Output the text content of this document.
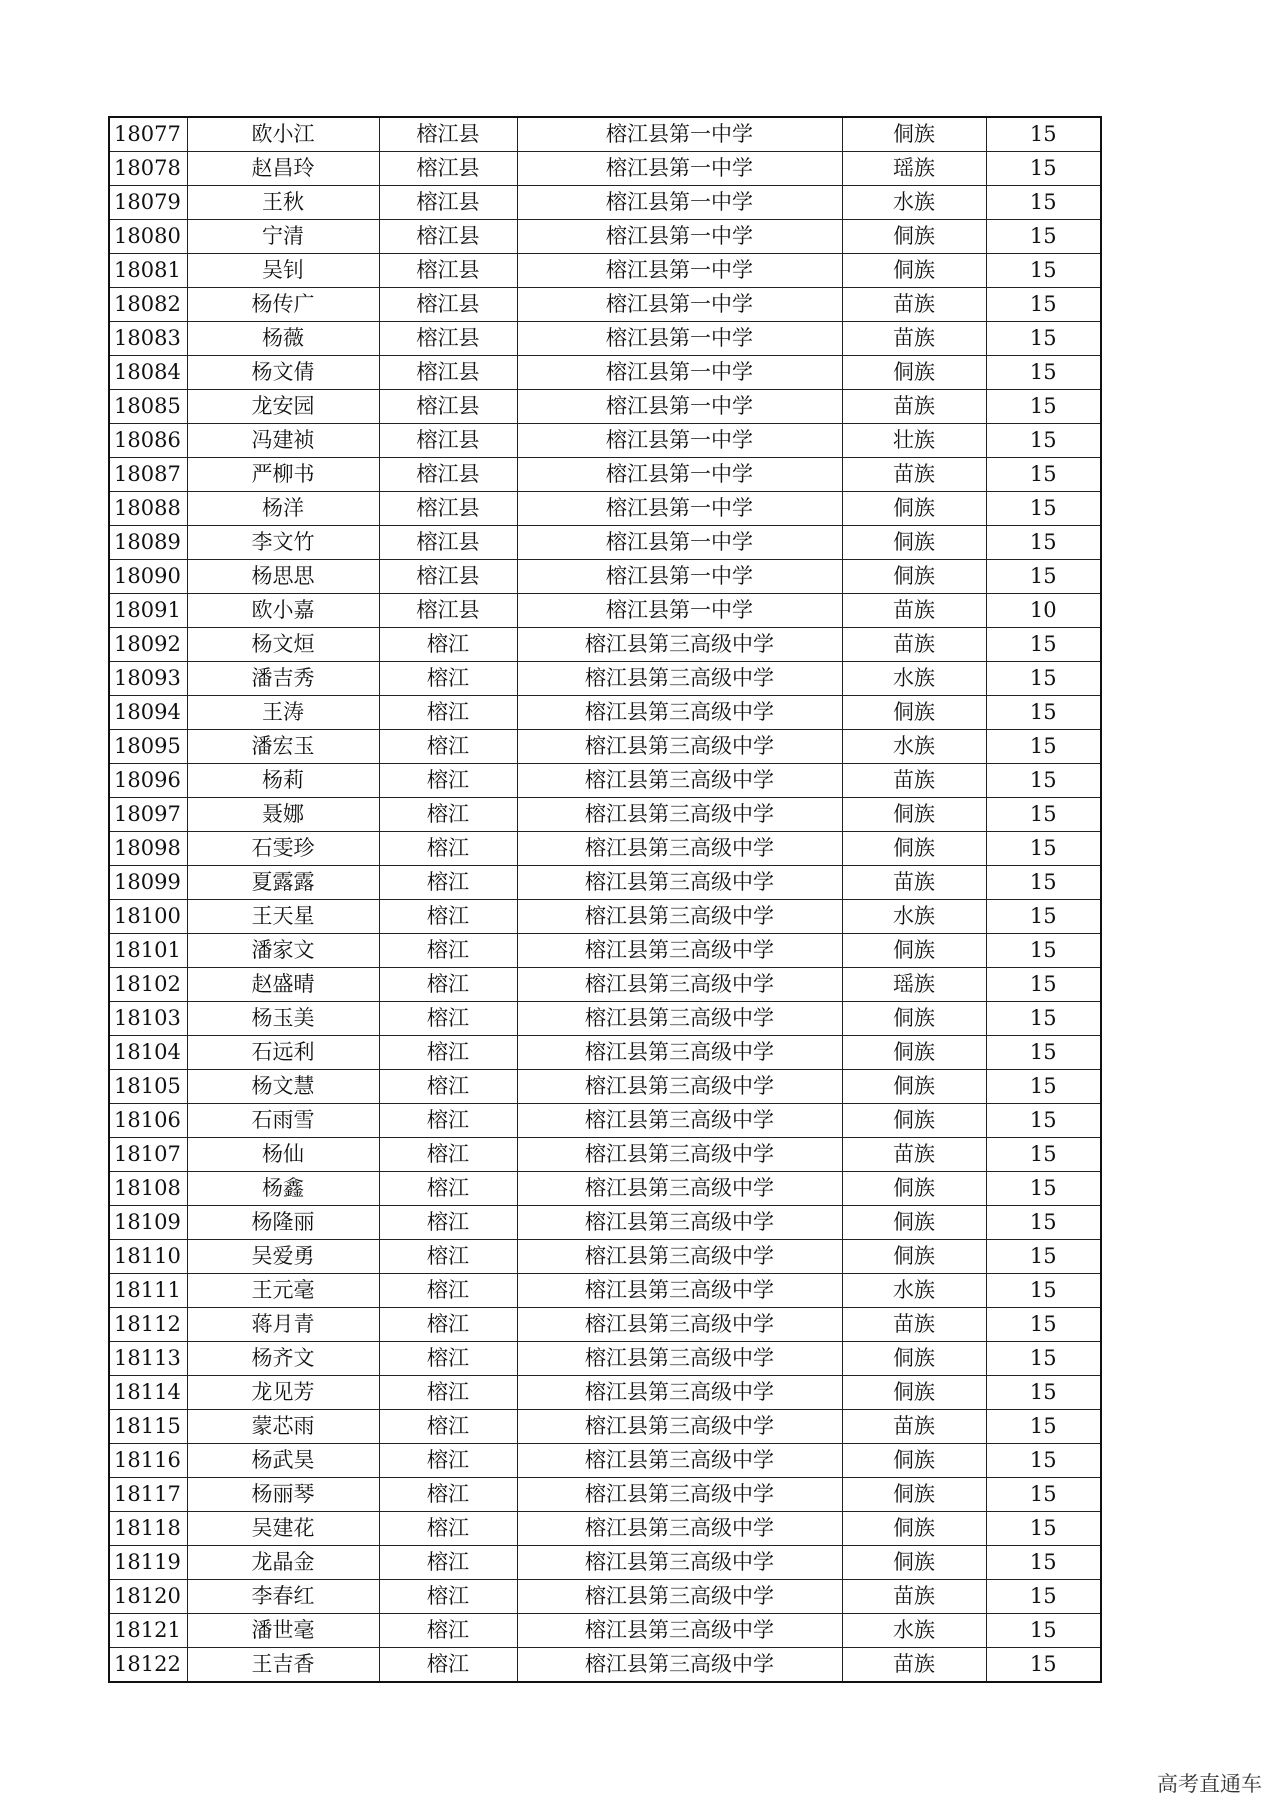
18077	欧小江	榕江县	榕江县第一中学	侗族	15
18078	赵昌玲	榕江县	榕江县第一中学	瑶族	15
18079	王秋	榕江县	榕江县第一中学	水族	15
18080	宁清	榕江县	榕江县第一中学	侗族	15
18081	吴钊	榕江县	榕江县第一中学	侗族	15
18082	杨传广	榕江县	榕江县第一中学	苗族	15
18083	杨薇	榕江县	榕江县第一中学	苗族	15
18084	杨文倩	榕江县	榕江县第一中学	侗族	15
18085	龙安园	榕江县	榕江县第一中学	苗族	15
18086	冯建祯	榕江县	榕江县第一中学	壮族	15
18087	严柳书	榕江县	榕江县第一中学	苗族	15
18088	杨洋	榕江县	榕江县第一中学	侗族	15
18089	李文竹	榕江县	榕江县第一中学	侗族	15
18090	杨思思	榕江县	榕江县第一中学	侗族	15
18091	欧小嘉	榕江县	榕江县第一中学	苗族	10
18092	杨文烜	榕江	榕江县第三高级中学	苗族	15
18093	潘吉秀	榕江	榕江县第三高级中学	水族	15
18094	王涛	榕江	榕江县第三高级中学	侗族	15
18095	潘宏玉	榕江	榕江县第三高级中学	水族	15
18096	杨莉	榕江	榕江县第三高级中学	苗族	15
18097	聂娜	榕江	榕江县第三高级中学	侗族	15
18098	石雯珍	榕江	榕江县第三高级中学	侗族	15
18099	夏露露	榕江	榕江县第三高级中学	苗族	15
18100	王天星	榕江	榕江县第三高级中学	水族	15
18101	潘家文	榕江	榕江县第三高级中学	侗族	15
18102	赵盛晴	榕江	榕江县第三高级中学	瑶族	15
18103	杨玉美	榕江	榕江县第三高级中学	侗族	15
18104	石远利	榕江	榕江县第三高级中学	侗族	15
18105	杨文慧	榕江	榕江县第三高级中学	侗族	15
18106	石雨雪	榕江	榕江县第三高级中学	侗族	15
18107	杨仙	榕江	榕江县第三高级中学	苗族	15
18108	杨鑫	榕江	榕江县第三高级中学	侗族	15
18109	杨隆丽	榕江	榕江县第三高级中学	侗族	15
18110	吴爱勇	榕江	榕江县第三高级中学	侗族	15
18111	王元毫	榕江	榕江县第三高级中学	水族	15
18112	蒋月青	榕江	榕江县第三高级中学	苗族	15
18113	杨齐文	榕江	榕江县第三高级中学	侗族	15
18114	龙见芳	榕江	榕江县第三高级中学	侗族	15
18115	蒙芯雨	榕江	榕江县第三高级中学	苗族	15
18116	杨武昊	榕江	榕江县第三高级中学	侗族	15
18117	杨丽琴	榕江	榕江县第三高级中学	侗族	15
18118	吴建花	榕江	榕江县第三高级中学	侗族	15
18119	龙晶金	榕江	榕江县第三高级中学	侗族	15
18120	李春红	榕江	榕江县第三高级中学	苗族	15
18121	潘世毫	榕江	榕江县第三高级中学	水族	15
18122	王吉香	榕江	榕江县第三高级中学	苗族	15
高考直通车
